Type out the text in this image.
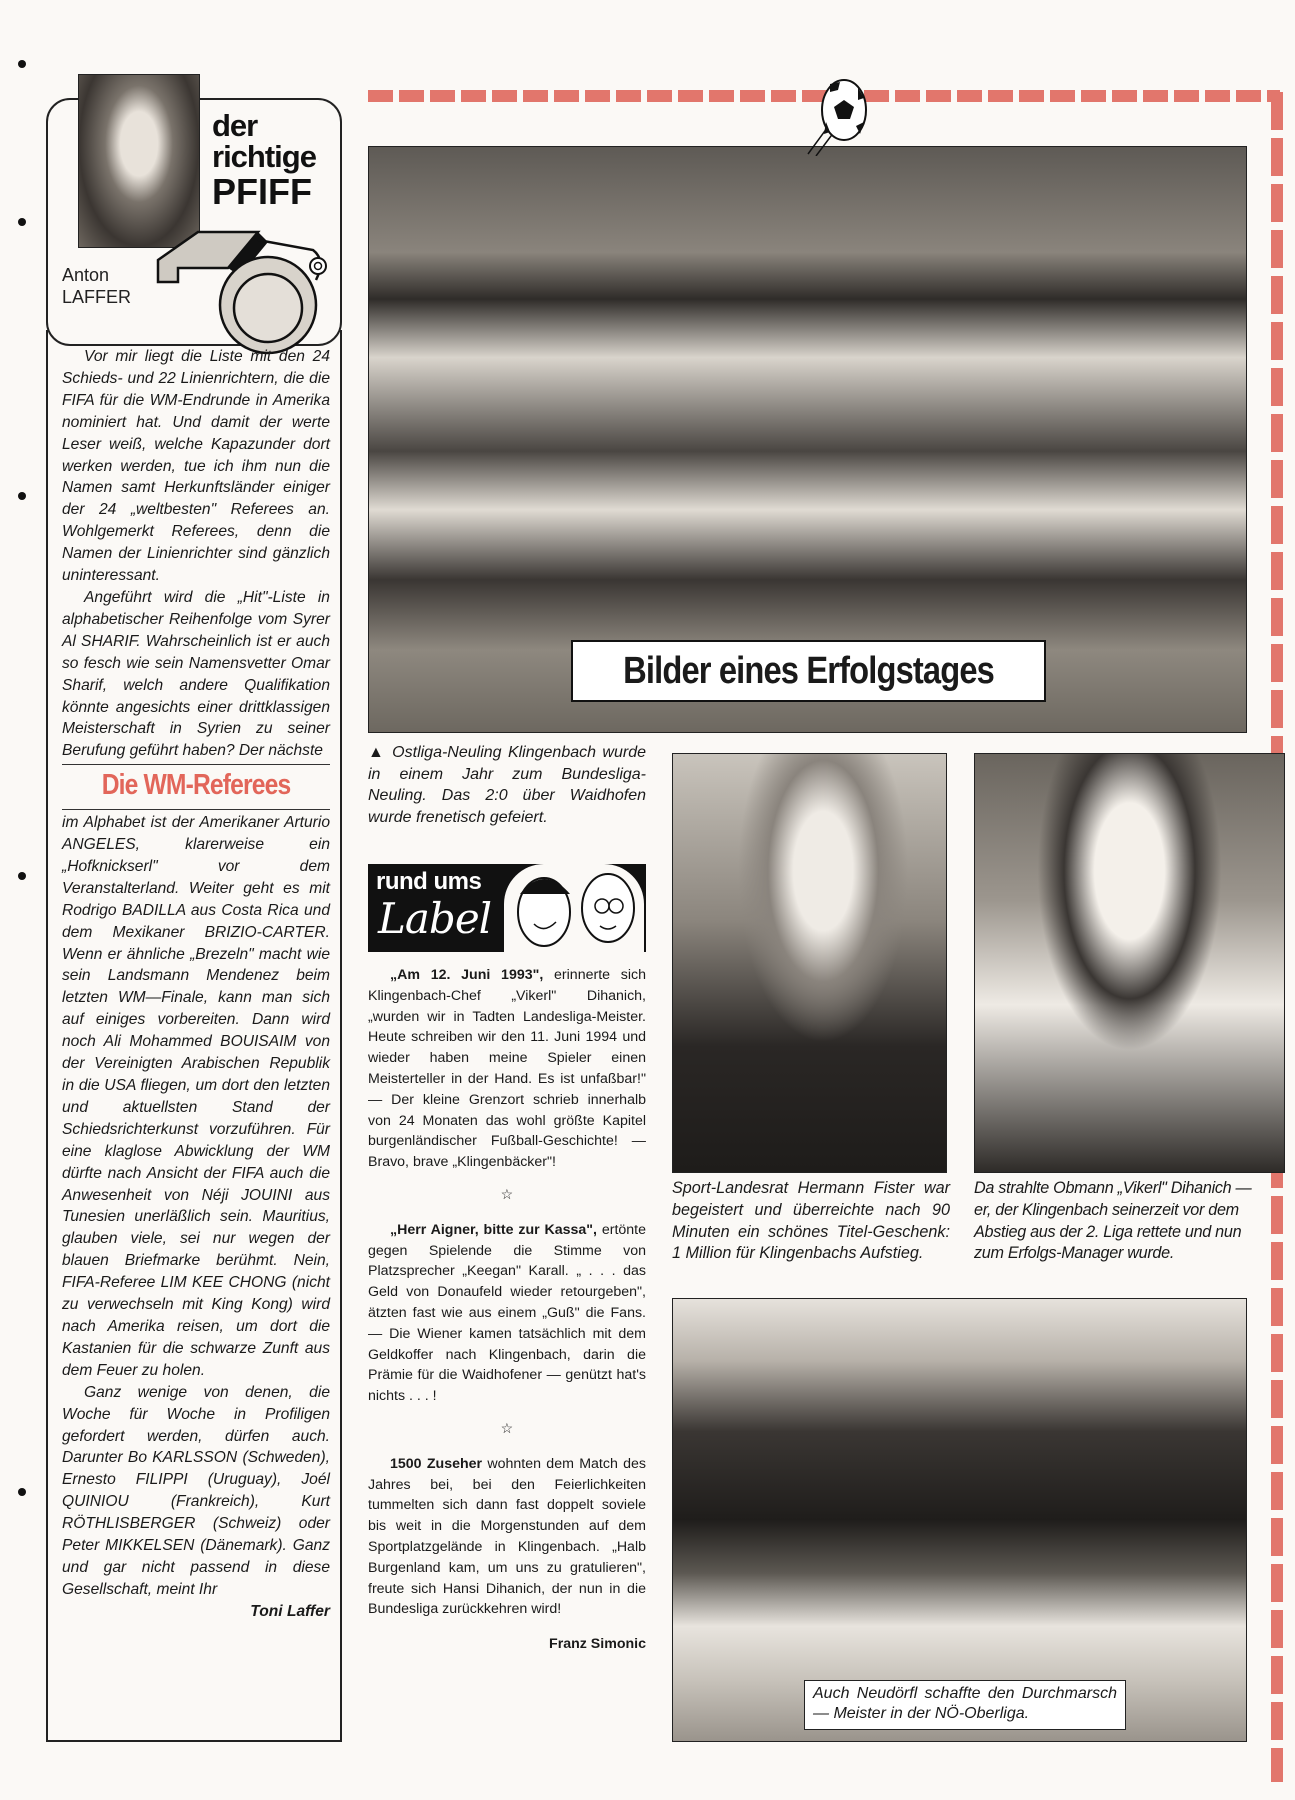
der
richtige
PFIFF
Anton
LAFFER

Vor mir liegt die Liste mit den 24 Schieds- und 22 Linienrichtern, die die FIFA für die WM-Endrunde in Amerika nominiert hat. Und damit der werte Leser weiß, welche Kapazunder dort werken werden, tue ich ihm nun die Namen samt Herkunftsländer einiger der 24 „weltbesten" Referees an. Wohlgemerkt Referees, denn die Namen der Linienrichter sind gänzlich uninteressant.

Angeführt wird die „Hit"-Liste in alphabetischer Reihenfolge vom Syrer Al SHARIF. Wahrscheinlich ist er auch so fesch wie sein Namensvetter Omar Sharif, welch andere Qualifikation könnte angesichts einer drittklassigen Meisterschaft in Syrien zu seiner Berufung geführt haben? Der nächste

Die WM-Referees

im Alphabet ist der Amerikaner Arturio ANGELES, klarerweise ein „Hofknickserl" vor dem Veranstalterland. Weiter geht es mit Rodrigo BADILLA aus Costa Rica und dem Mexikaner BRIZIO-CARTER. Wenn er ähnliche „Brezeln" macht wie sein Landsmann Mendenez beim letzten WM—Finale, kann man sich auf einiges vorbereiten. Dann wird noch Ali Mohammed BOUISAIM von der Vereinigten Arabischen Republik in die USA fliegen, um dort den letzten und aktuellsten Stand der Schiedsrichterkunst vorzuführen. Für eine klaglose Abwicklung der WM dürfte nach Ansicht der FIFA auch die Anwesenheit von Néji JOUINI aus Tunesien unerläßlich sein. Mauritius, glauben viele, sei nur wegen der blauen Briefmarke berühmt. Nein, FIFA-Referee LIM KEE CHONG (nicht zu verwechseln mit King Kong) wird nach Amerika reisen, um dort die Kastanien für die schwarze Zunft aus dem Feuer zu holen.

Ganz wenige von denen, die Woche für Woche in Profiligen gefordert werden, dürfen auch. Darunter Bo KARLSSON (Schweden), Ernesto FILIPPI (Uruguay), Joél QUINIOU (Frankreich), Kurt RÖTHLISBERGER (Schweiz) oder Peter MIKKELSEN (Dänemark). Ganz und gar nicht passend in diese Gesellschaft, meint Ihr

Toni Laffer
Bilder eines Erfolgstages
▲ Ostliga-Neuling Klingenbach wurde in einem Jahr zum Bundesliga-Neuling. Das 2:0 über Waidhofen wurde frenetisch gefeiert.
rund ums
Label

„Am 12. Juni 1993", erinnerte sich Klingenbach-Chef „Vikerl" Dihanich, „wurden wir in Tadten Landesliga-Meister. Heute schreiben wir den 11. Juni 1994 und wieder haben meine Spieler einen Meisterteller in der Hand. Es ist unfaßbar!" — Der kleine Grenzort schrieb innerhalb von 24 Monaten das wohl größte Kapitel burgenländischer Fußball-Geschichte! — Bravo, brave „Klingenbäcker"!

☆

„Herr Aigner, bitte zur Kassa", ertönte gegen Spielende die Stimme von Platzsprecher „Keegan" Karall. „ . . . das Geld von Donaufeld wieder retourgeben", ätzten fast wie aus einem „Guß" die Fans. — Die Wiener kamen tatsächlich mit dem Geldkoffer nach Klingenbach, darin die Prämie für die Waidhofener — genützt hat's nichts . . . !

☆

1500 Zuseher wohnten dem Match des Jahres bei, bei den Feierlichkeiten tummelten sich dann fast doppelt soviele bis weit in die Morgenstunden auf dem Sportplatzgelände in Klingenbach. „Halb Burgenland kam, um uns zu gratulieren", freute sich Hansi Dihanich, der nun in die Bundesliga zurückkehren wird!

Franz Simonic
Sport-Landesrat Hermann Fister war begeistert und überreichte nach 90 Minuten ein schönes Titel-Geschenk: 1 Million für Klingenbachs Aufstieg.
Da strahlte Obmann „Vikerl" Dihanich — er, der Klingenbach seinerzeit vor dem Abstieg aus der 2. Liga rettete und nun zum Erfolgs-Manager wurde.
Auch Neudörfl schaffte den Durchmarsch — Meister in der NÖ-Oberliga.
